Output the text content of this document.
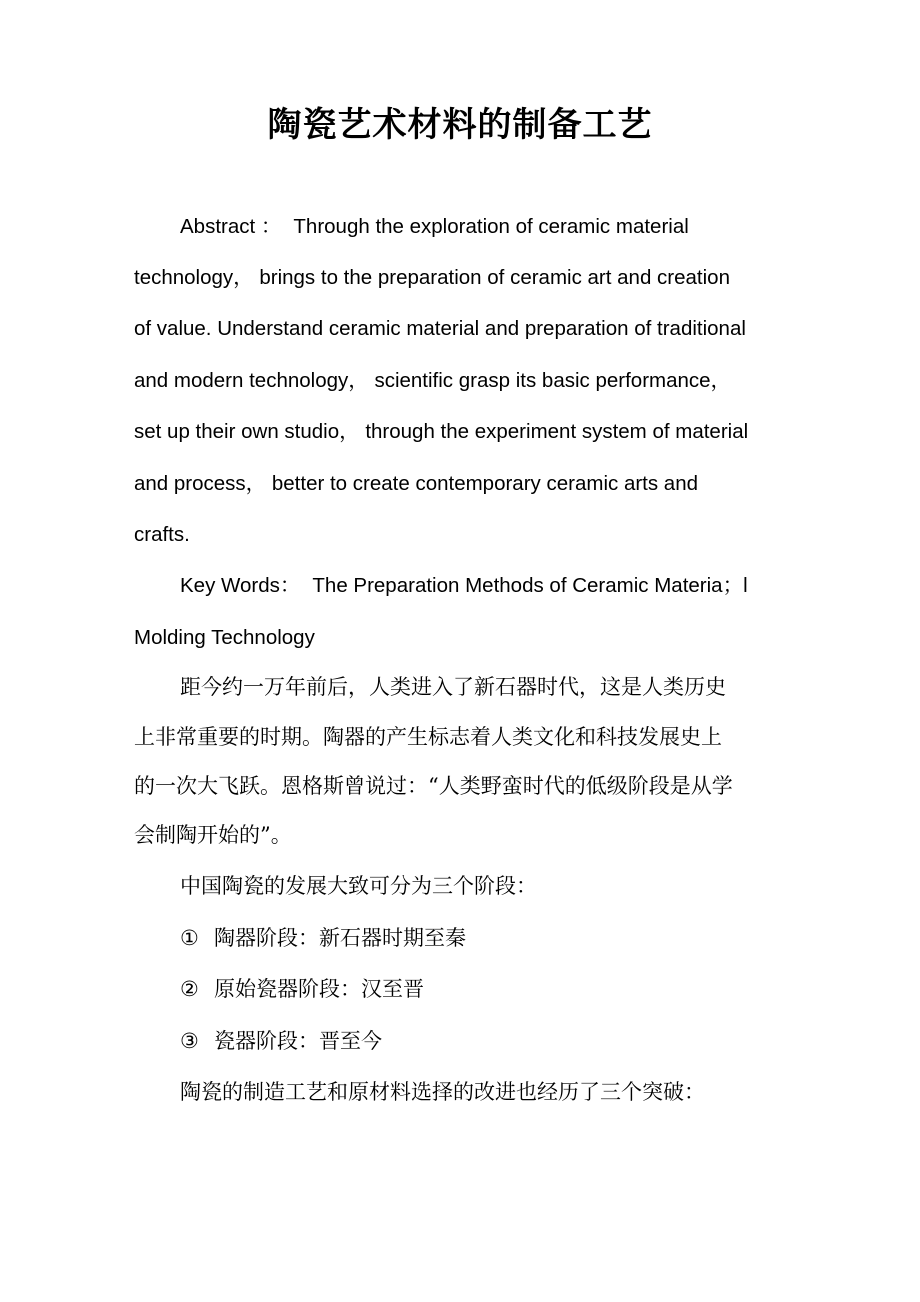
陶瓷艺术材料的制备工艺
Abstract ： Through the exploration of ceramic material
technology， brings to the preparation of ceramic art and creation
of value. Understand ceramic material and preparation of traditional
and modern technology， scientific grasp its basic performance，
set up their own studio， through the experiment system of material
and process， better to create contemporary ceramic arts and
crafts.
Key Words： The Preparation Methods of Ceramic Materia；l
Molding Technology
距今约一万年前后，人类进入了新石器时代，这是人类历史
上非常重要的时期。陶器的产生标志着人类文化和科技发展史上
的一次大飞跃。恩格斯曾说过：“人类野蛮时代的低级阶段是从学
会制陶开始的”。
中国陶瓷的发展大致可分为三个阶段：
① 陶器阶段：新石器时期至秦
② 原始瓷器阶段：汉至晋
③ 瓷器阶段：晋至今
陶瓷的制造工艺和原材料选择的改进也经历了三个突破：
